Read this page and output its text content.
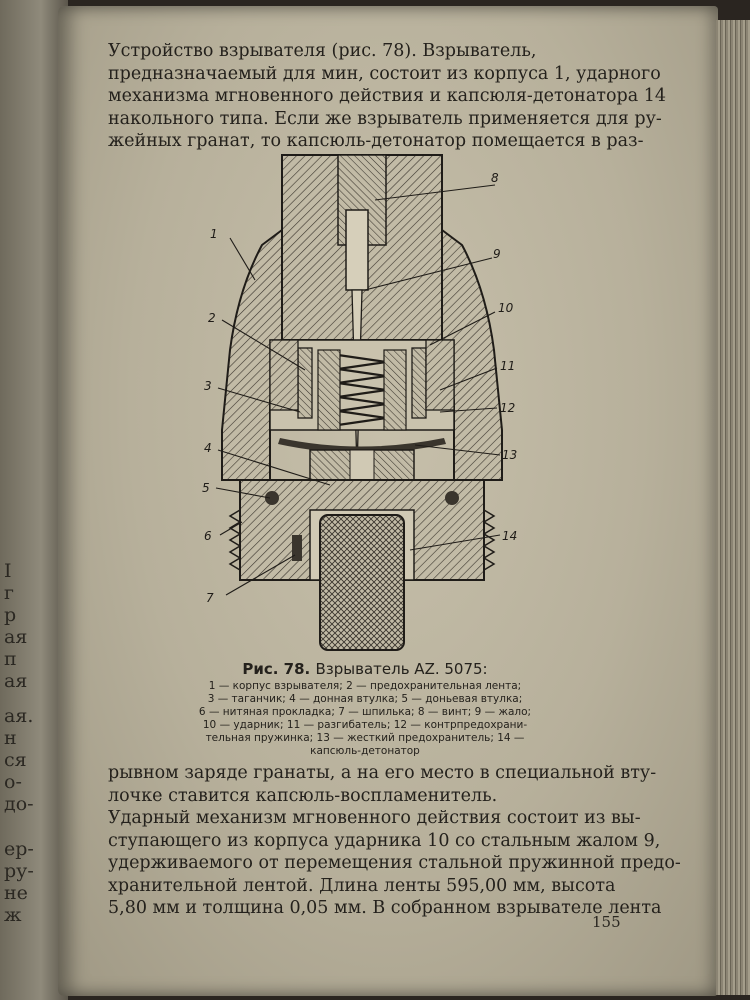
I
г
р
ая
п
ая
ая.
н
ся
о-
до-
ер-
ру-
не
ж
Устройство взрывателя (рис. 78). Взрыватель,
предназначаемый для мин, состоит из корпуса 1, ударного
механизма мгновенного действия и капсюля-детонатора 14
накольного типа. Если же взрыватель применяется для ру-
жейных гранат, то капсюль-детонатор помещается в раз-
8
9
1
10
2
11
3
12
4	13
5
6	14
7
Рис. 78. Взрыватель AZ. 5075:
1 — корпус взрывателя; 2 — предохранительная лента;
3 — таганчик; 4 — донная втулка; 5 — доньевая втулка;
6 — нитяная прокладка; 7 — шпилька; 8 — винт; 9 — жало;
10 — ударник; 11 — разгибатель; 12 — контрпредохрани-
тельная пружинка; 13 — жесткий предохранитель; 14 —
капсюль-детонатор
рывном заряде гранаты, а на его место в специальной вту-
лочке ставится капсюль-воспламенитель.
Ударный механизм мгновенного действия состоит из вы-
ступающего из корпуса ударника 10 со стальным жалом 9,
удерживаемого от перемещения стальной пружинной предо-
хранительной лентой. Длина ленты 595,00 мм, высота
5,80 мм и толщина 0,05 мм. В собранном взрывателе лента
155
